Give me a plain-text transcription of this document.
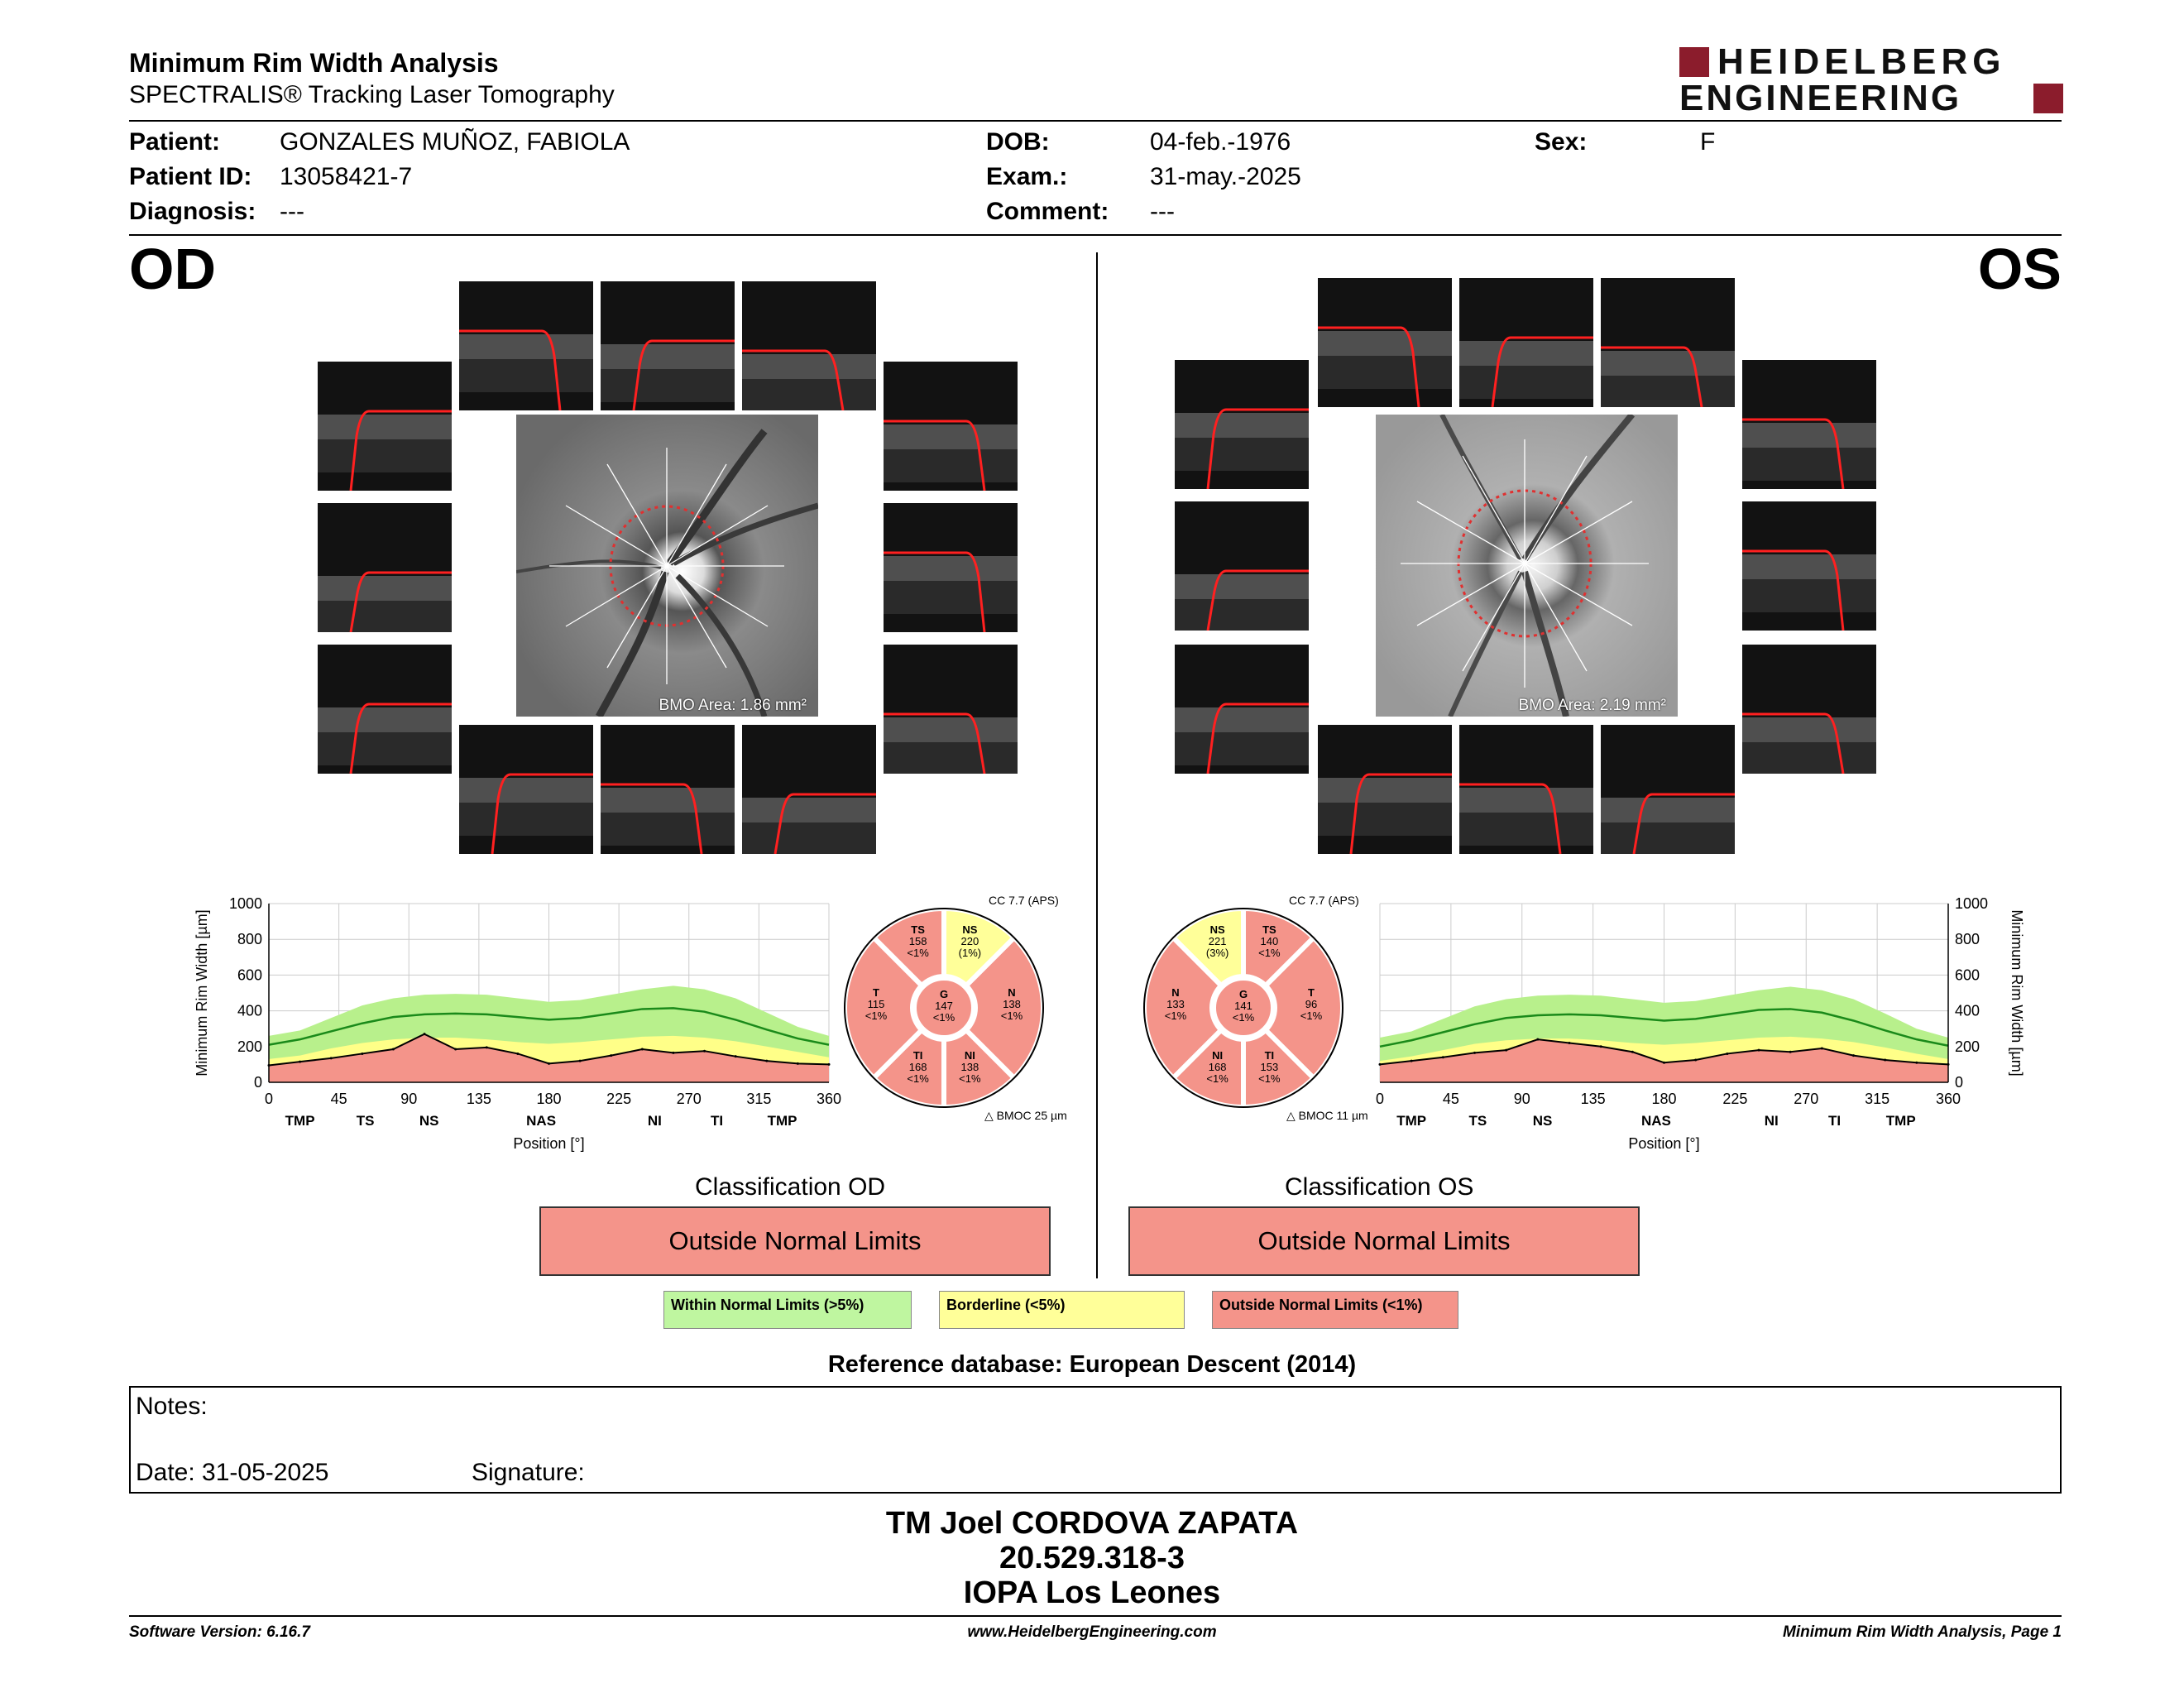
Minimum Rim Width Analysis
SPECTRALIS® Tracking Laser Tomography
HEIDELBERG
ENGINEERING
Patient: GONZALES MUÑOZ, FABIOLA
Patient ID: 13058421-7
Diagnosis: ---
DOB:	04-feb.-1976
Exam.:	31-may.-2025
Comment: ---
Sex:	F
OD	OS
BMO Area: 1.86 mm²	BMO Area: 2.19 mm²
0	45	90	135	180	225	270	315	360
0
200
400
600
800
1000
TMP	TS	NS	NAS	NI	TI	TMP
Position [°]
Minimum Rim Width [µm]
0	45	90	135	180	225	270	315	360
0
200
400
600
800
1000
TMP	TS	NS	NAS	NI	TI	TMP
Position [°]
Minimum Rim Width [µm]
CC 7.7 (APS)
N
138
<1%
NS
220
(1%)
TS
158
<1%
T
115
<1%
TI
168
<1%
NI
138
<1%
G
147
<1%
△ BMOC 25 µm
CC 7.7 (APS)
T
96
<1%
TS
140
<1%
NS
221
(3%)
N
133
<1%
NI
168
<1%
TI
153
<1%
G
141
<1%
△ BMOC 11 µm
Classification OD
Outside Normal Limits
Classification OS
Outside Normal Limits
Within Normal Limits (>5%)	Borderline (<5%)	Outside Normal Limits (<1%)
Reference database: European Descent (2014)
Notes:
Date: 31-05-2025	Signature:
TM Joel CORDOVA ZAPATA
20.529.318-3
IOPA Los Leones
Software Version: 6.16.7	www.HeidelbergEngineering.com	Minimum Rim Width Analysis, Page 1
